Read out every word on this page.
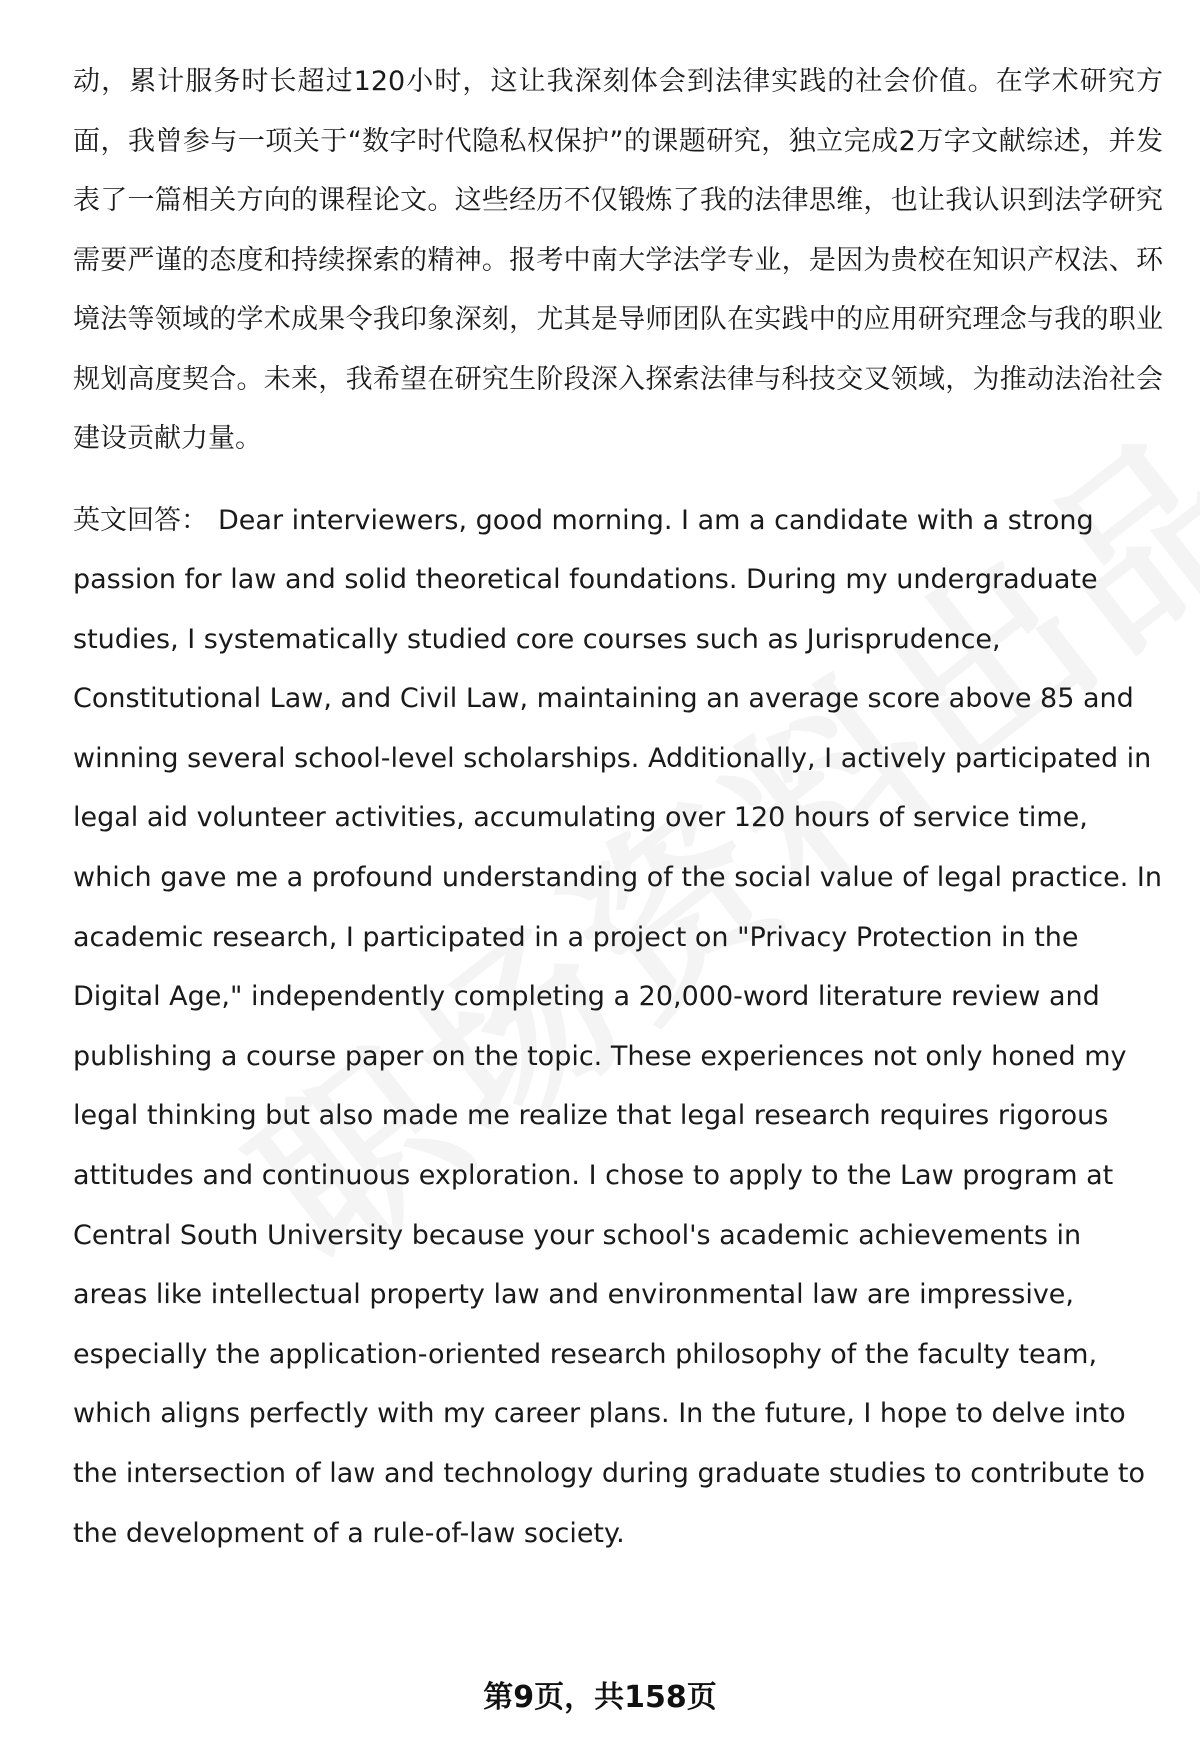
动，累计服务时长超过120小时，这让我深刻体会到法律实践的社会价值。在学术研究方面，我曾参与一项关于“数字时代隐私权保护”的课题研究，独立完成2万字文献综述，并发表了一篇相关方向的课程论文。这些经历不仅锻炼了我的法律思维，也让我认识到法学研究需要严谨的态度和持续探索的精神。报考中南大学法学专业，是因为贵校在知识产权法、环境法等领域的学术成果令我印象深刻，尤其是导师团队在实践中的应用研究理念与我的职业规划高度契合。未来，我希望在研究生阶段深入探索法律与科技交叉领域，为推动法治社会建设贡献力量。

英文回答： Dear interviewers, good morning. I am a candidate with a strong passion for law and solid theoretical foundations. During my undergraduate studies, I systematically studied core courses such as Jurisprudence, Constitutional Law, and Civil Law, maintaining an average score above 85 and winning several school-level scholarships. Additionally, I actively participated in legal aid volunteer activities, accumulating over 120 hours of service time, which gave me a profound understanding of the social value of legal practice. In academic research, I participated in a project on "Privacy Protection in the Digital Age," independently completing a 20,000-word literature review and publishing a course paper on the topic. These experiences not only honed my legal thinking but also made me realize that legal research requires rigorous attitudes and continuous exploration. I chose to apply to the Law program at Central South University because your school's academic achievements in areas like intellectual property law and environmental law are impressive, especially the application-oriented research philosophy of the faculty team, which aligns perfectly with my career plans. In the future, I hope to delve into the intersection of law and technology during graduate studies to contribute to the development of a rule-of-law society.

第9页，共158页
